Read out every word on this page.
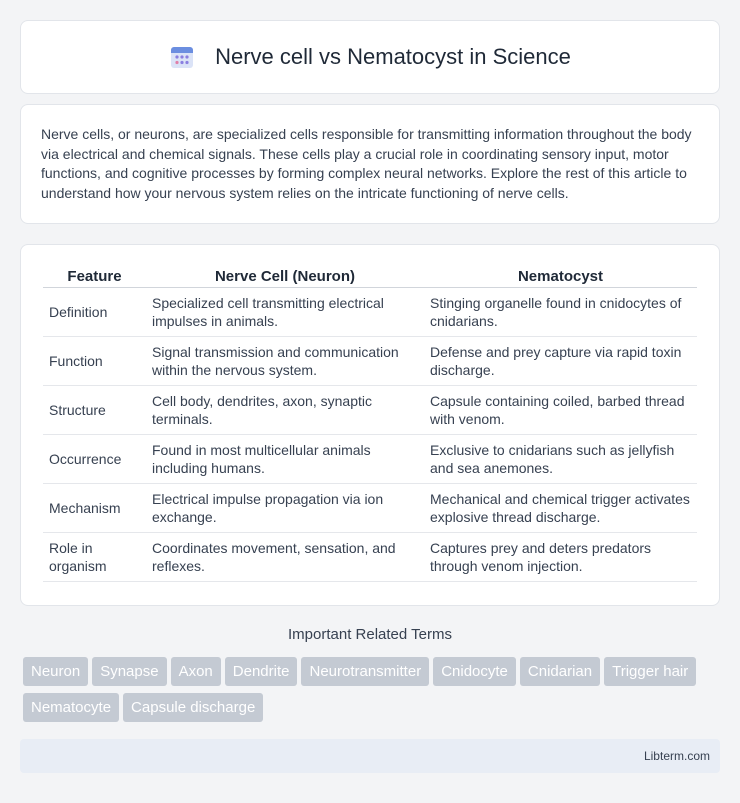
Nerve cell vs Nematocyst in Science

Nerve cells, or neurons, are specialized cells responsible for transmitting information throughout the body via electrical and chemical signals. These cells play a crucial role in coordinating sensory input, motor functions, and cognitive processes by forming complex neural networks. Explore the rest of this article to understand how your nervous system relies on the intricate functioning of nerve cells.

Feature	Nerve Cell (Neuron)	Nematocyst
Definition	Specialized cell transmitting electrical impulses in animals.	Stinging organelle found in cnidocytes of cnidarians.
Function	Signal transmission and communication within the nervous system.	Defense and prey capture via rapid toxin discharge.
Structure	Cell body, dendrites, axon, synaptic terminals.	Capsule containing coiled, barbed thread with venom.
Occurrence	Found in most multicellular animals including humans.	Exclusive to cnidarians such as jellyfish and sea anemones.
Mechanism	Electrical impulse propagation via ion exchange.	Mechanical and chemical trigger activates explosive thread discharge.
Role in organism	Coordinates movement, sensation, and reflexes.	Captures prey and deters predators through venom injection.
Important Related Terms
Neuron Synapse Axon Dendrite Neurotransmitter Cnidocyte Cnidarian Trigger hairNematocyte Capsule discharge
Libterm.com
